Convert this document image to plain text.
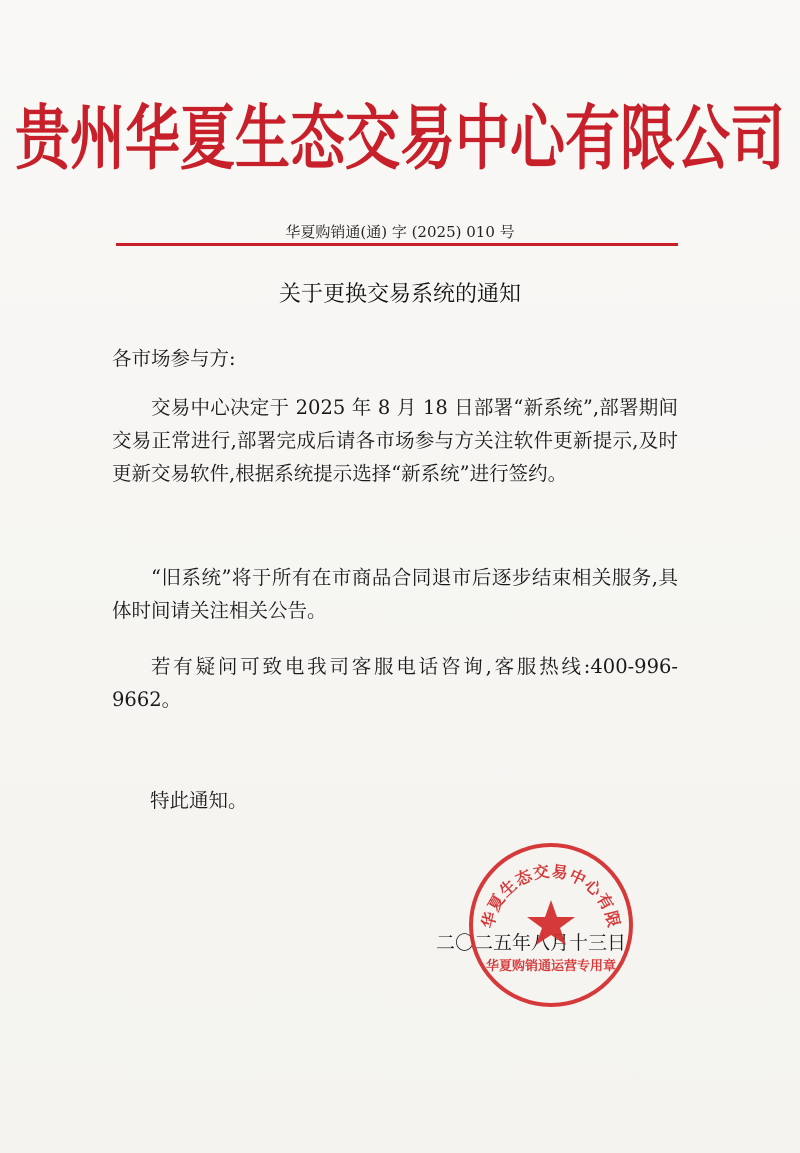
贵州华夏生态交易中心有限公司
华夏购销通(通) 字 (2025) 010 号
关于更换交易系统的通知
各市场参与方:
交易中心决定于 2025 年 8 月 18 日部署“新系统”,部署期间交易正常进行,部署完成后请各市场参与方关注软件更新提示,及时更新交易软件,根据系统提示选择“新系统”进行签约。
“旧系统”将于所有在市商品合同退市后逐步结束相关服务,具体时间请关注相关公告。
若有疑问可致电我司客服电话咨询,客服热线:400-996-9662。
特此通知。
二〇二五年八月十三日
华夏生态交易中心有限
华夏购销通运营专用章
